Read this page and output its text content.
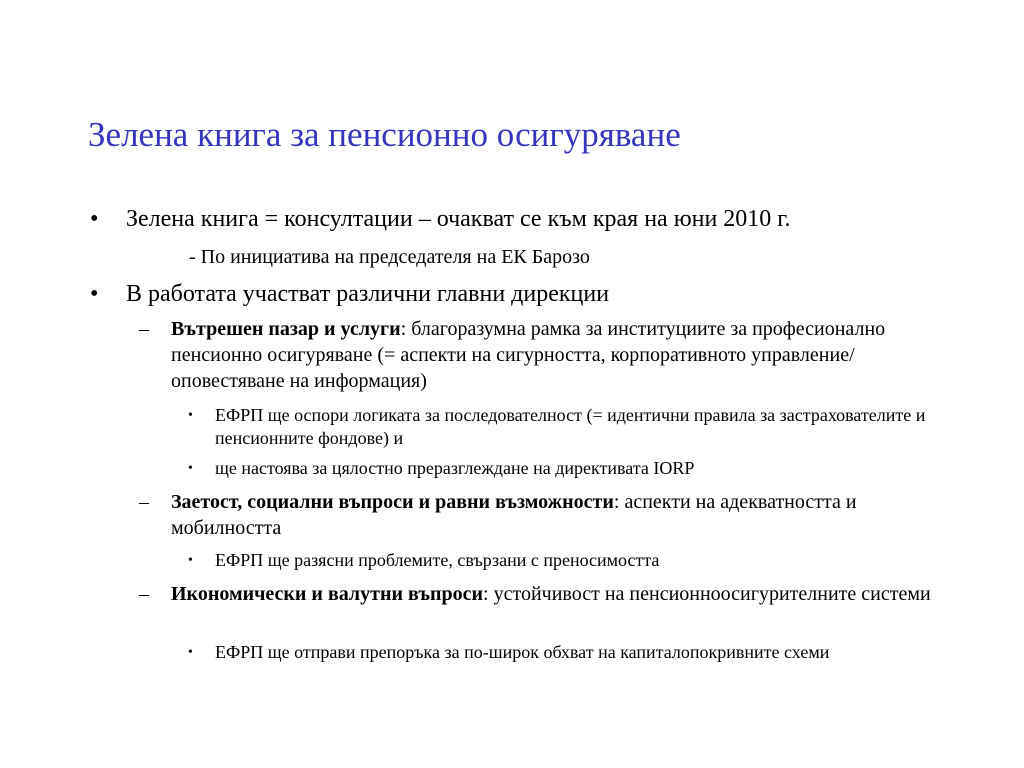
Зелена книга за пенсионно осигуряване

• Зелена книга = консултации – очакват се към края на юни 2010 г.

- По инициатива на председателя на ЕК Барозо

• В работата участват различни главни дирекции

– Вътрешен пазар и услуги: благоразумна рамка за институциите за професионално пенсионно осигуряване (= аспекти на сигурността, корпоративното управление/ оповестяване на информация)

• ЕФРП ще оспори логиката за последователност (= идентични правила за застрахователите и пенсионните фондове) и

• ще настоява за цялостно преразглеждане на директивата IORP

– Заетост, социални въпроси и равни възможности: аспекти на адекватността и мобилността

• ЕФРП ще разясни проблемите, свързани с преносимостта

– Икономически и валутни въпроси: устойчивост на пенсионноосигурителните системи

• ЕФРП ще отправи препоръка за по-широк обхват на капиталопокривните схеми
